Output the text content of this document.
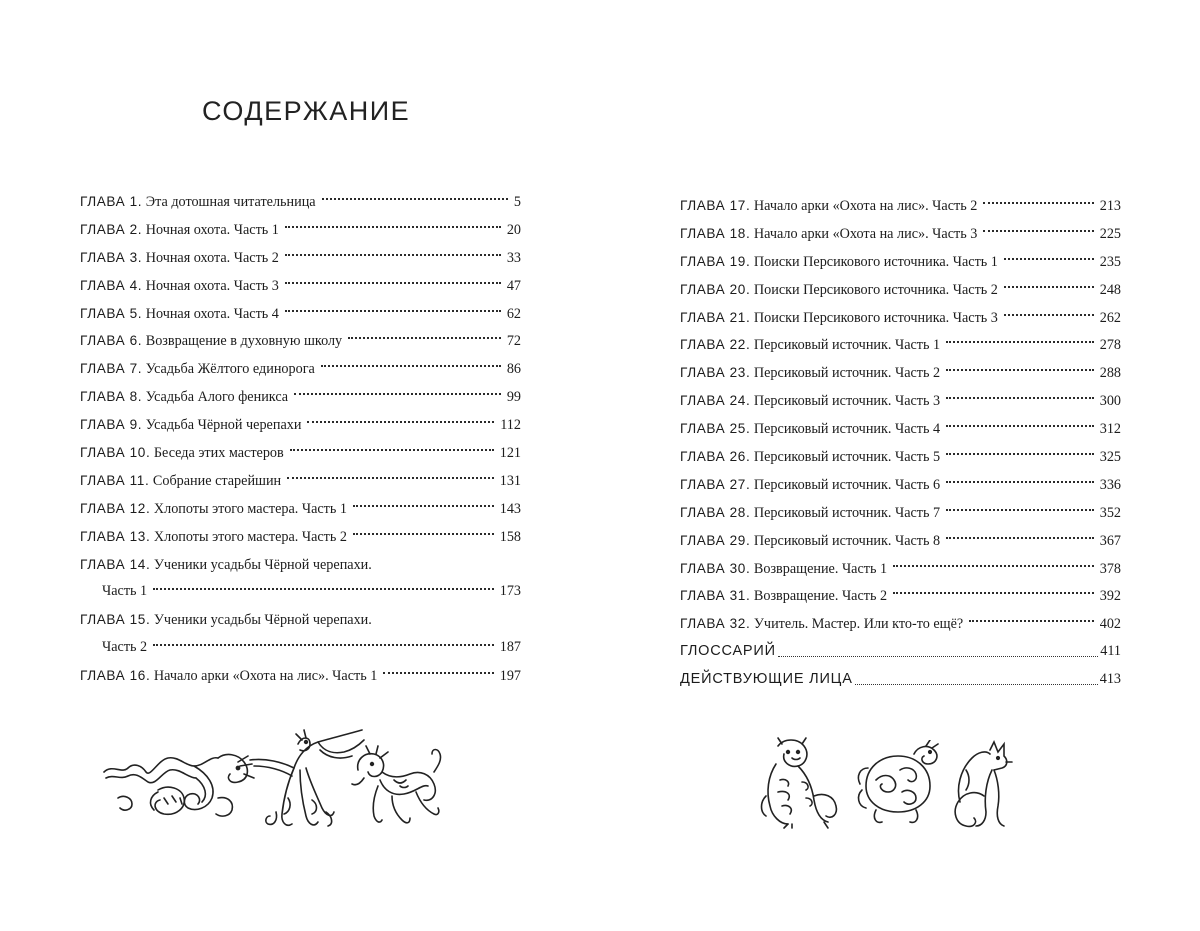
СОДЕРЖАНИЕ
ГЛАВА 1. Эта дотошная читательница	5
ГЛАВА 2. Ночная охота. Часть 1	20
ГЛАВА 3. Ночная охота. Часть 2	33
ГЛАВА 4. Ночная охота. Часть 3	47
ГЛАВА 5. Ночная охота. Часть 4	62
ГЛАВА 6. Возвращение в духовную школу	72
ГЛАВА 7. Усадьба Жёлтого единорога	86
ГЛАВА 8. Усадьба Алого феникса	99
ГЛАВА 9. Усадьба Чёрной черепахи	112
ГЛАВА 10. Беседа этих мастеров	121
ГЛАВА 11. Собрание старейшин	131
ГЛАВА 12. Хлопоты этого мастера. Часть 1	143
ГЛАВА 13. Хлопоты этого мастера. Часть 2	158
ГЛАВА 14. Ученики усадьбы Чёрной черепахи.
Часть 1	173
ГЛАВА 15. Ученики усадьбы Чёрной черепахи.
Часть 2	187
ГЛАВА 16. Начало арки «Охота на лис». Часть 1	197
ГЛАВА 17. Начало арки «Охота на лис». Часть 2	213
ГЛАВА 18. Начало арки «Охота на лис». Часть 3	225
ГЛАВА 19. Поиски Персикового источника. Часть 1	235
ГЛАВА 20. Поиски Персикового источника. Часть 2	248
ГЛАВА 21. Поиски Персикового источника. Часть 3	262
ГЛАВА 22. Персиковый источник. Часть 1	278
ГЛАВА 23. Персиковый источник. Часть 2	288
ГЛАВА 24. Персиковый источник. Часть 3	300
ГЛАВА 25. Персиковый источник. Часть 4	312
ГЛАВА 26. Персиковый источник. Часть 5	325
ГЛАВА 27. Персиковый источник. Часть 6	336
ГЛАВА 28. Персиковый источник. Часть 7	352
ГЛАВА 29. Персиковый источник. Часть 8	367
ГЛАВА 30. Возвращение. Часть 1	378
ГЛАВА 31. Возвращение. Часть 2	392
ГЛАВА 32. Учитель. Мастер. Или кто-то ещё?	402
ГЛОССАРИЙ	411
ДЕЙСТВУЮЩИЕ ЛИЦА	413
